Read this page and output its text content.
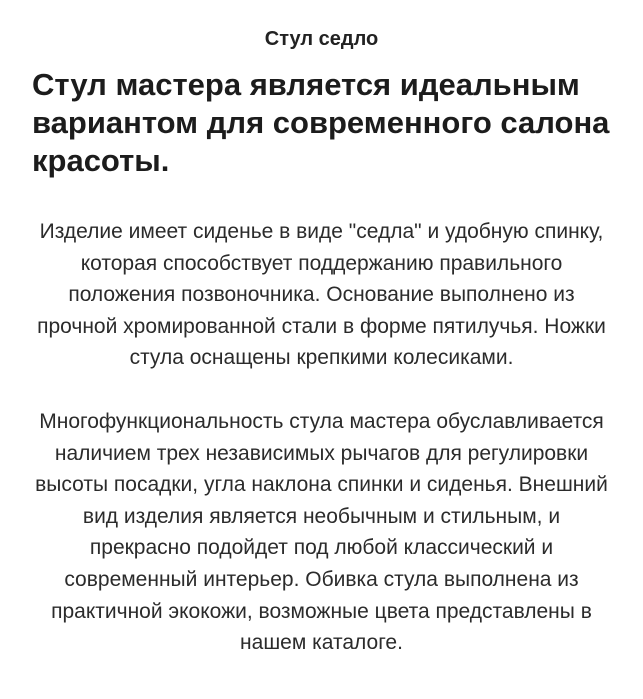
Стул седло
Стул мастера является идеальным вариантом для современного салона красоты.

Изделие имеет сиденье в виде "седла" и удобную спинку, которая способствует поддержанию правильного положения позвоночника. Основание выполнено из прочной хромированной стали в форме пятилучья. Ножки стула оснащены крепкими колесиками.

Многофункциональность стула мастера обуславливается наличием трех независимых рычагов для регулировки высоты посадки, угла наклона спинки и сиденья. Внешний вид изделия является необычным и стильным, и прекрасно подойдет под любой классический и современный интерьер. Обивка стула выполнена из практичной экокожи, возможные цвета представлены в нашем каталоге.
